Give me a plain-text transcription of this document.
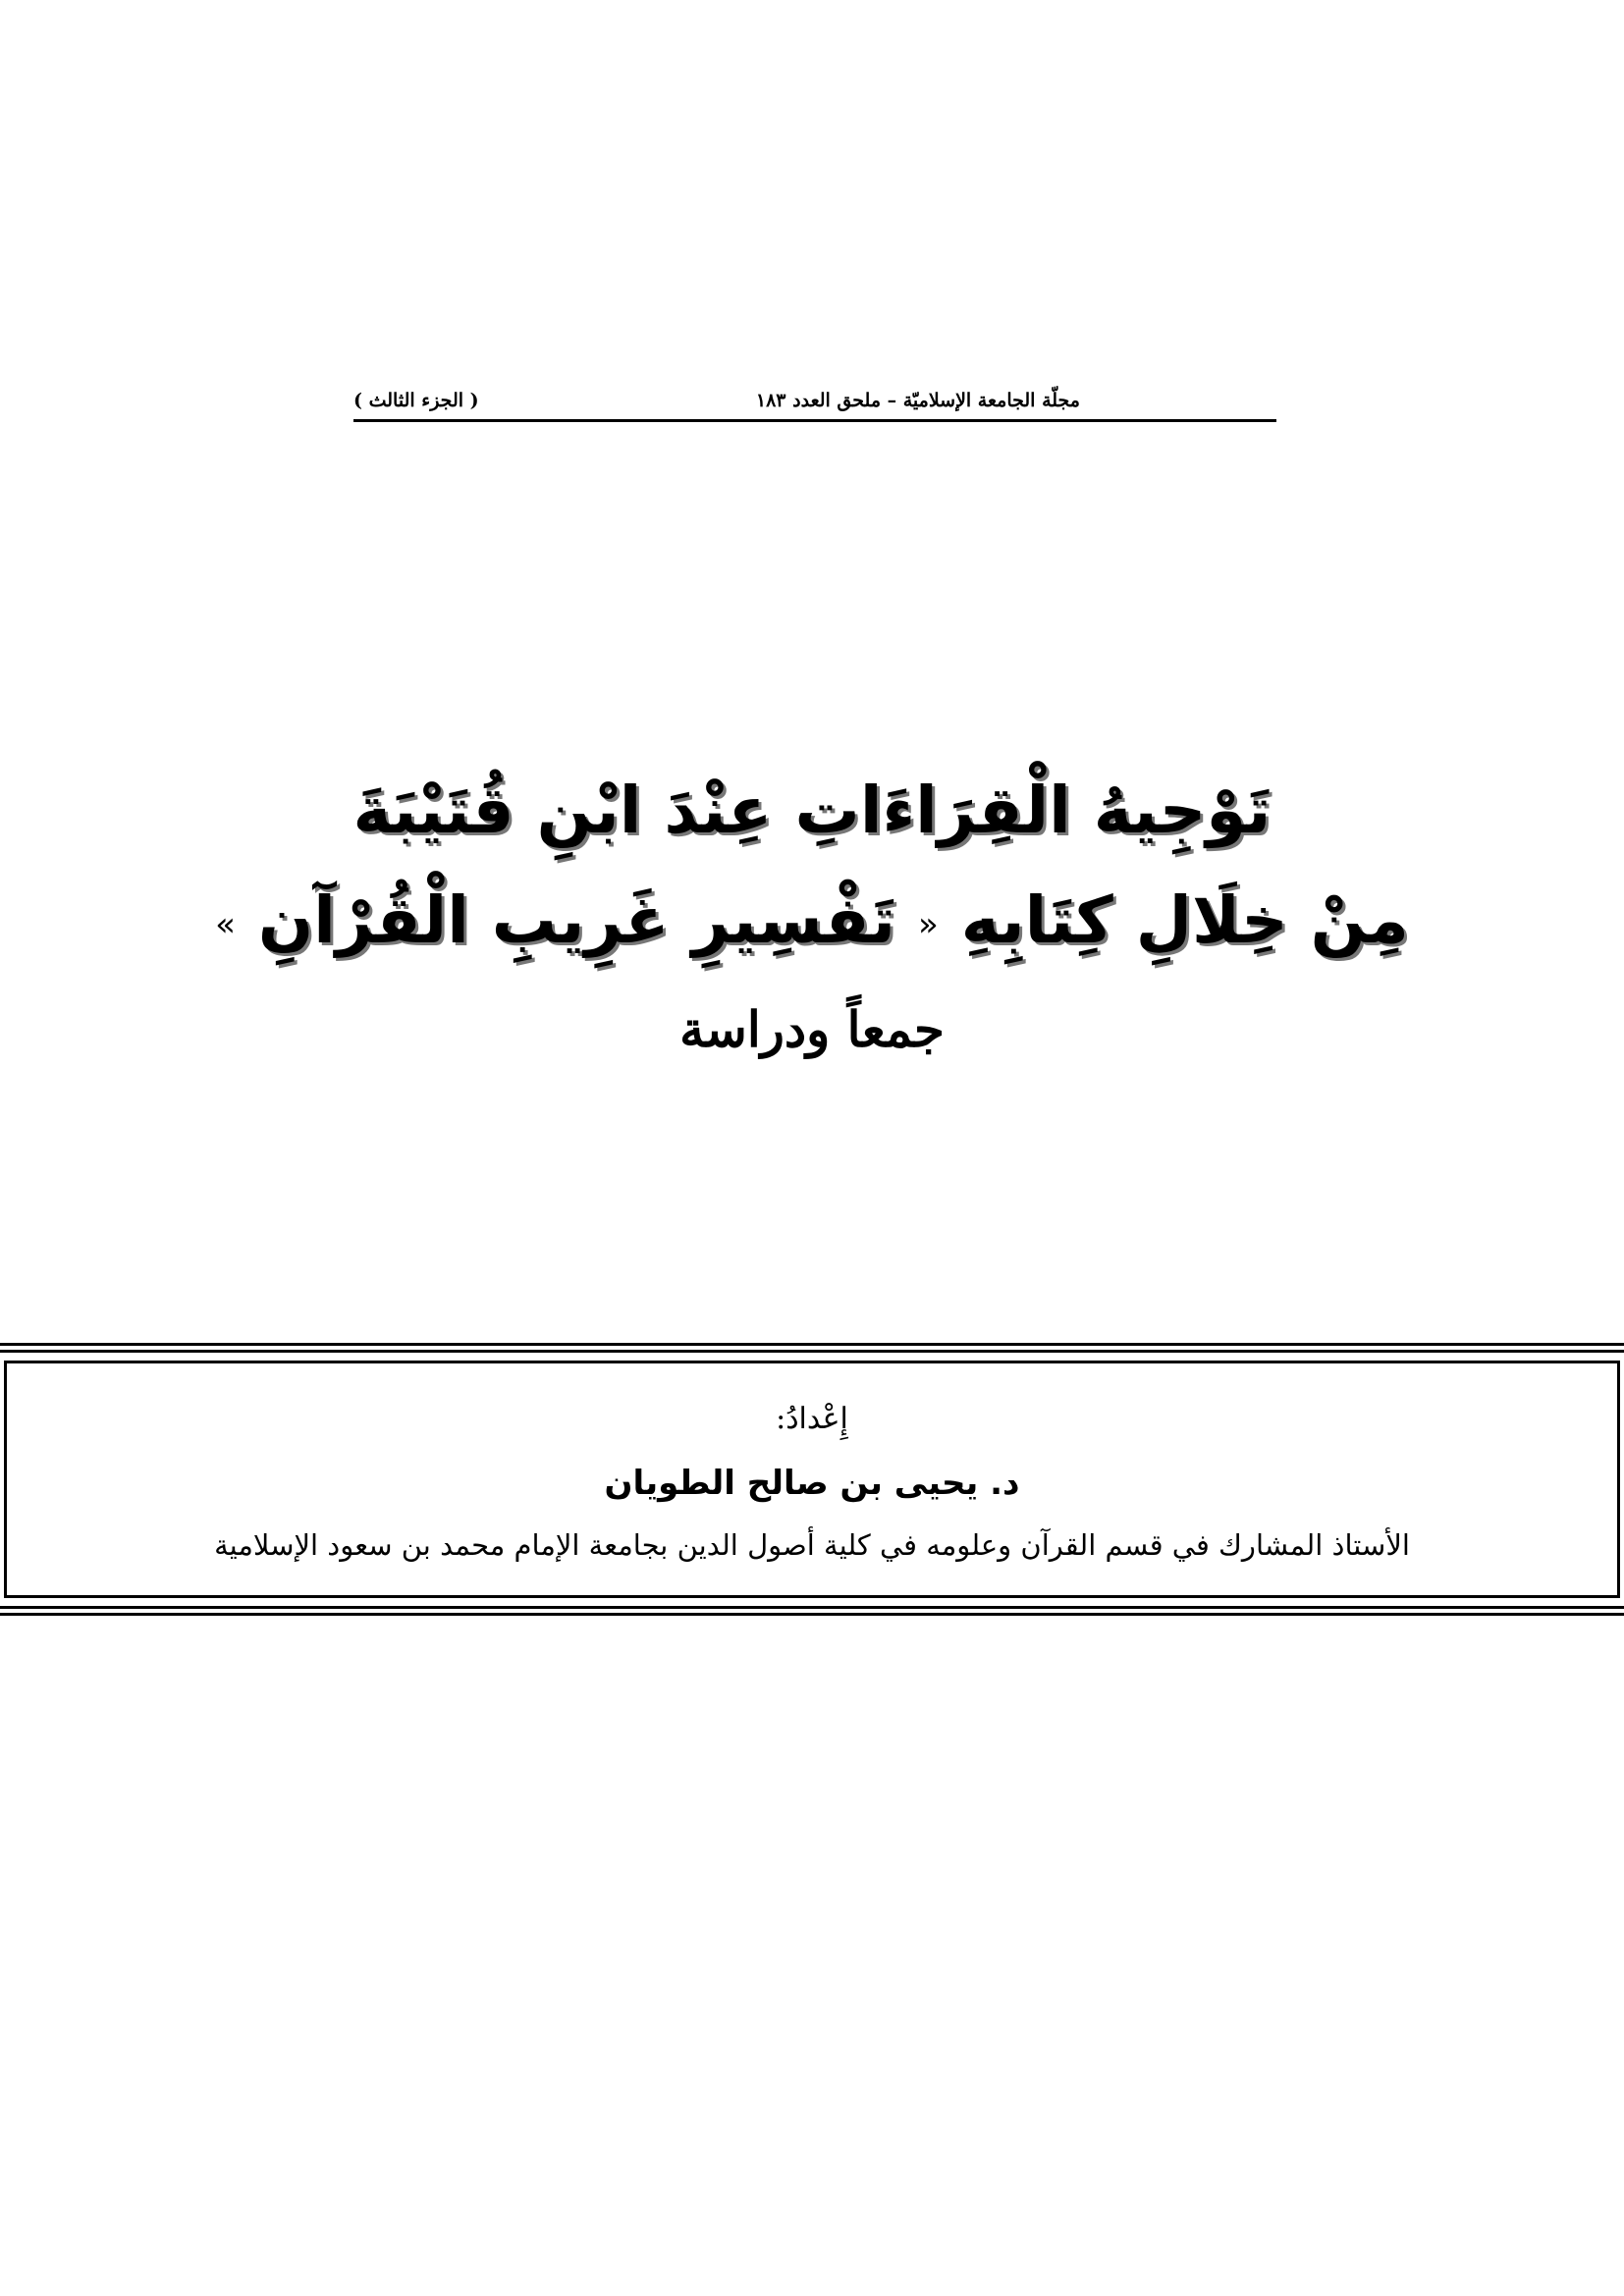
مجلّة الجامعة الإسلاميّة – ملحق العدد ١٨٣
( الجزء الثالث )
تَوْجِيهُ الْقِرَاءَاتِ عِنْدَ ابْنِ قُتَيْبَةَ
مِنْ خِلَالِ كِتَابِهِ « تَفْسِيرِ غَرِيبِ الْقُرْآنِ »
جمعاً ودراسة
إِعْدادُ:
د. يحيى بن صالح الطويان
الأستاذ المشارك في قسم القرآن وعلومه في كلية أصول الدين بجامعة الإمام محمد بن سعود الإسلامية
